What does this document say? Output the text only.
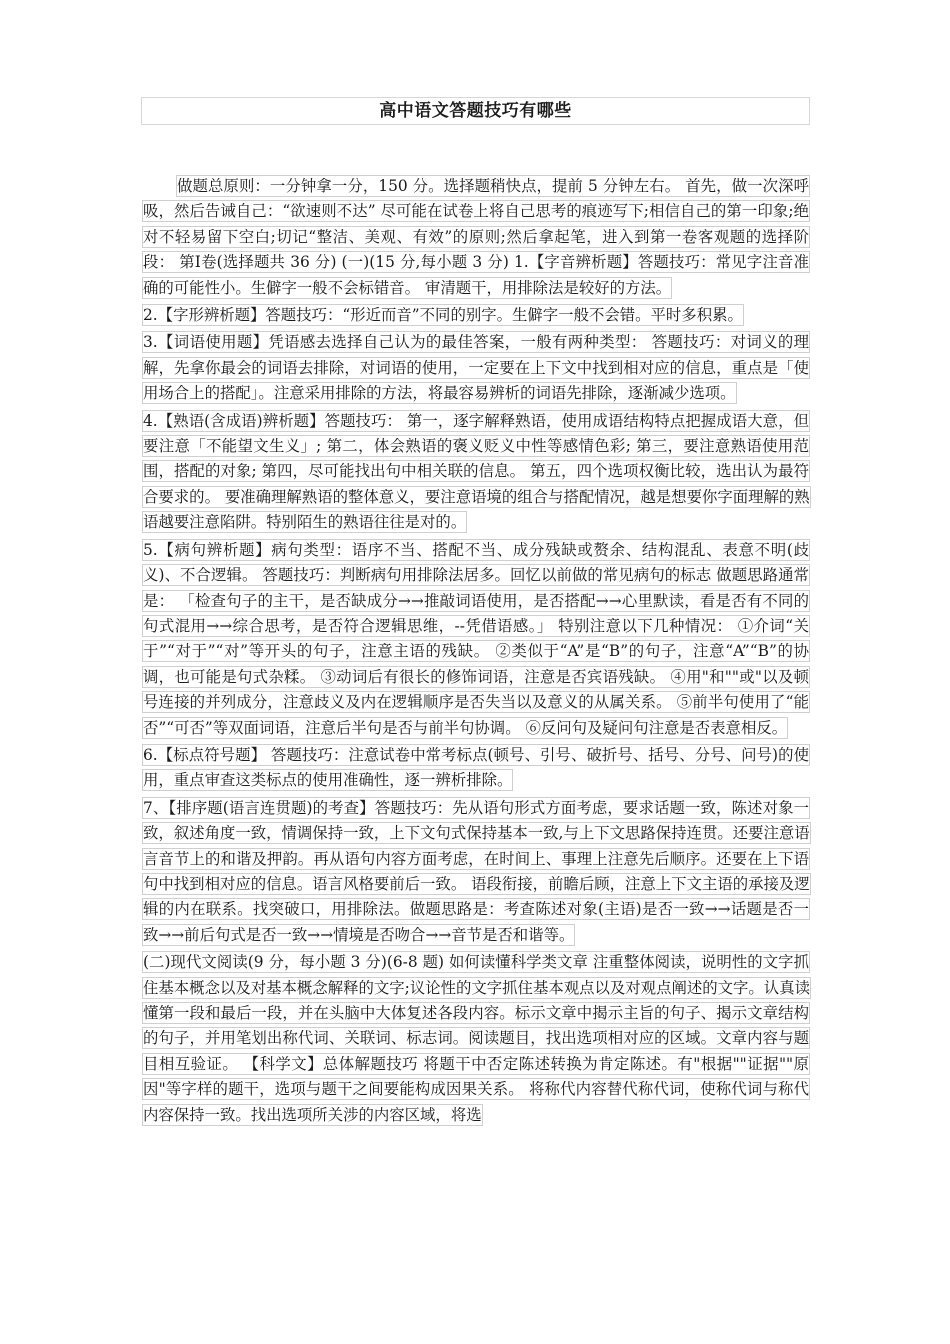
高中语文答题技巧有哪些

做题总原则：一分钟拿一分，150 分。选择题稍快点，提前 5 分钟左右。 首先，做一次深呼吸，然后告诫自己：“欲速则不达” 尽可能在试卷上将自己思考的痕迹写下;相信自己的第一印象;绝对不轻易留下空白;切记“整洁、美观、有效”的原则;然后拿起笔，进入到第一卷客观题的选择阶段： 第Ⅰ卷(选择题共 36 分) (一)(15 分,每小题 3 分) 1.【字音辨析题】答题技巧：常见字注音准确的可能性小。生僻字一般不会标错音。 审清题干，用排除法是较好的方法。

2.【字形辨析题】答题技巧：“形近而音”不同的别字。生僻字一般不会错。平时多积累。

3.【词语使用题】凭语感去选择自己认为的最佳答案，一般有两种类型： 答题技巧：对词义的理解，先拿你最会的词语去排除，对词语的使用，一定要在上下文中找到相对应的信息，重点是「使用场合上的搭配」。注意采用排除的方法，将最容易辨析的词语先排除，逐渐减少选项。

4.【熟语(含成语)辨析题】答题技巧： 第一，逐字解释熟语，使用成语结构特点把握成语大意，但要注意「不能望文生义」; 第二，体会熟语的褒义贬义中性等感情色彩; 第三，要注意熟语使用范围，搭配的对象; 第四，尽可能找出句中相关联的信息。 第五，四个选项权衡比较，选出认为最符合要求的。 要准确理解熟语的整体意义，要注意语境的组合与搭配情况，越是想要你字面理解的熟语越要注意陷阱。特别陌生的熟语往往是对的。

5.【病句辨析题】病句类型：语序不当、搭配不当、成分残缺或赘余、结构混乱、表意不明(歧义)、不合逻辑。 答题技巧：判断病句用排除法居多。回忆以前做的常见病句的标志 做题思路通常是： 「检查句子的主干，是否缺成分→→推敲词语使用，是否搭配→→心里默读，看是否有不同的句式混用→→综合思考，是否符合逻辑思维，--凭借语感。」 特别注意以下几种情况： ①介词“关于”“对于”“对”等开头的句子，注意主语的残缺。 ②类似于“A”是“B”的句子，注意“A”“B”的协调，也可能是句式杂糅。 ③动词后有很长的修饰词语，注意是否宾语残缺。 ④用"和""或"以及顿号连接的并列成分，注意歧义及内在逻辑顺序是否失当以及意义的从属关系。 ⑤前半句使用了“能否”“可否”等双面词语，注意后半句是否与前半句协调。 ⑥反问句及疑问句注意是否表意相反。

6.【标点符号题】 答题技巧：注意试卷中常考标点(顿号、引号、破折号、括号、分号、问号)的使用，重点审查这类标点的使用准确性，逐一辨析排除。

7、【排序题(语言连贯题)的考查】答题技巧：先从语句形式方面考虑，要求话题一致，陈述对象一致，叙述角度一致，情调保持一致，上下文句式保持基本一致,与上下文思路保持连贯。还要注意语言音节上的和谐及押韵。再从语句内容方面考虑，在时间上、事理上注意先后顺序。还要在上下语句中找到相对应的信息。语言风格要前后一致。 语段衔接，前瞻后顾，注意上下文主语的承接及逻辑的内在联系。找突破口，用排除法。做题思路是：考查陈述对象(主语)是否一致→→话题是否一致→→前后句式是否一致→→情境是否吻合→→音节是否和谐等。

(二)现代文阅读(9 分，每小题 3 分)(6-8 题) 如何读懂科学类文章 注重整体阅读，说明性的文字抓住基本概念以及对基本概念解释的文字;议论性的文字抓住基本观点以及对观点阐述的文字。认真读懂第一段和最后一段，并在头脑中大体复述各段内容。标示文章中揭示主旨的句子、揭示文章结构的句子，并用笔划出称代词、关联词、标志词。阅读题目，找出选项相对应的区域。文章内容与题目相互验证。 【科学文】总体解题技巧 将题干中否定陈述转换为肯定陈述。有"根据""证据""原因"等字样的题干，选项与题干之间要能构成因果关系。 将称代内容替代称代词，使称代词与称代内容保持一致。找出选项所关涉的内容区域，将选
